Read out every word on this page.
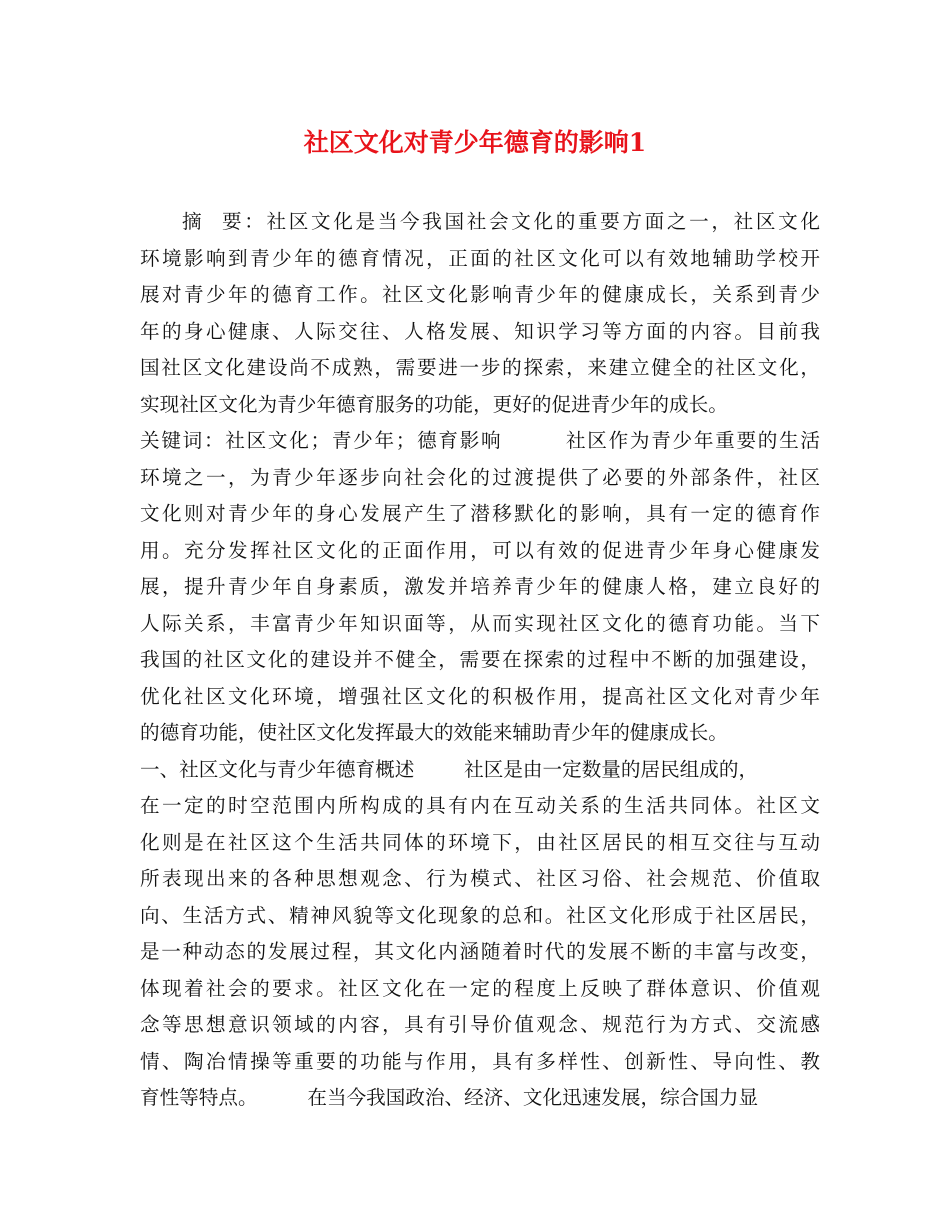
社区文化对青少年德育的影响1
摘  要：社区文化是当今我国社会文化的重要方面之一，社区文化
环境影响到青少年的德育情况，正面的社区文化可以有效地辅助学校开
展对青少年的德育工作。社区文化影响青少年的健康成长，关系到青少
年的身心健康、人际交往、人格发展、知识学习等方面的内容。目前我
国社区文化建设尚不成熟，需要进一步的探索，来建立健全的社区文化，
实现社区文化为青少年德育服务的功能，更好的促进青少年的成长。
关键词：社区文化；青少年；德育影响        社区作为青少年重要的生活
环境之一，为青少年逐步向社会化的过渡提供了必要的外部条件，社区
文化则对青少年的身心发展产生了潜移默化的影响，具有一定的德育作
用。充分发挥社区文化的正面作用，可以有效的促进青少年身心健康发
展，提升青少年自身素质，激发并培养青少年的健康人格，建立良好的
人际关系，丰富青少年知识面等，从而实现社区文化的德育功能。当下
我国的社区文化的建设并不健全，需要在探索的过程中不断的加强建设，
优化社区文化环境，增强社区文化的积极作用，提高社区文化对青少年
的德育功能，使社区文化发挥最大的效能来辅助青少年的健康成长。
一、社区文化与青少年德育概述        社区是由一定数量的居民组成的，
在一定的时空范围内所构成的具有内在互动关系的生活共同体。社区文
化则是在社区这个生活共同体的环境下，由社区居民的相互交往与互动
所表现出来的各种思想观念、行为模式、社区习俗、社会规范、价值取
向、生活方式、精神风貌等文化现象的总和。社区文化形成于社区居民，
是一种动态的发展过程，其文化内涵随着时代的发展不断的丰富与改变，
体现着社会的要求。社区文化在一定的程度上反映了群体意识、价值观
念等思想意识领域的内容，具有引导价值观念、规范行为方式、交流感
情、陶冶情操等重要的功能与作用，具有多样性、创新性、导向性、教
育性等特点。        在当今我国政治、经济、文化迅速发展，综合国力显
